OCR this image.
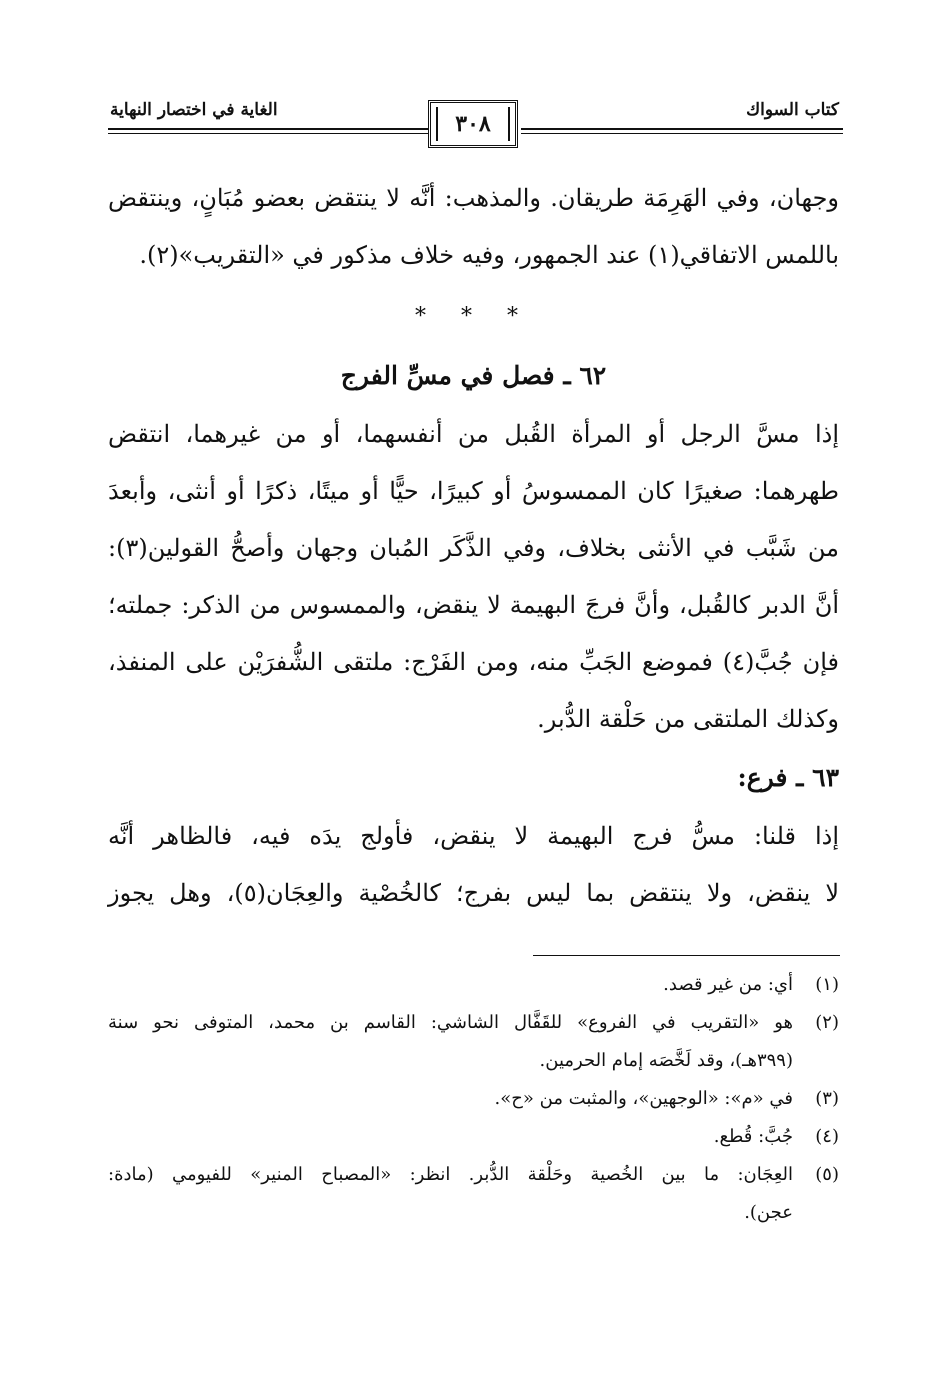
كتاب السواك
الغاية في اختصار النهاية
٣٠٨

وجهان، وفي الهَرِمَة طريقان. والمذهب: أنَّه لا ينتقض بعضو مُبَانٍ، وينتقض
باللمس الاتفاقي(١) عند الجمهور، وفيه خلاف مذكور في «التقريب»(٢).

* * *
٦٢ ـ فصل في مسِّ الفرج

إذا مسَّ الرجل أو المرأة القُبل من أنفسهما، أو من غيرهما، انتقض
طهرهما: صغيرًا كان الممسوسُ أو كبيرًا، حيًّا أو ميتًا، ذكرًا أو أنثى، وأبعدَ
من شَبَّب في الأنثى بخلاف، وفي الذَّكَر المُبان وجهان وأصحُّ القولين(٣):
أنَّ الدبر كالقُبل، وأنَّ فرجَ البهيمة لا ينقض، والممسوس من الذكر: جملته؛
فإن جُبَّ(٤) فموضع الجَبِّ منه، ومن الفَرْج: ملتقى الشُّفرَيْن على المنفذ،
وكذلك الملتقى من حَلْقة الدُّبر.

٦٣ ـ فرع:

إذا قلنا: مسُّ فرج البهيمة لا ينقض، فأولج يدَه فيه، فالظاهر أنَّه
لا ينقض، ولا ينتقض بما ليس بفرج؛ كالخُصْية والعِجَان(٥)، وهل يجوز

(١)
أي: من غير قصد.
(٢)
هو «التقريب في الفروع» للقَفَّال الشاشي: القاسم بن محمد، المتوفى نحو سنة
(٣٩٩هـ)، وقد لَخَّصَه إمام الحرمين.
(٣)
في «م»: «الوجهين»، والمثبت من «ح».
(٤)
جُبَّ: قُطع.
(٥)
العِجَان: ما بين الخُصية وحَلْقة الدُّبر. انظر: «المصباح المنير» للفيومي (مادة:
عجن).
